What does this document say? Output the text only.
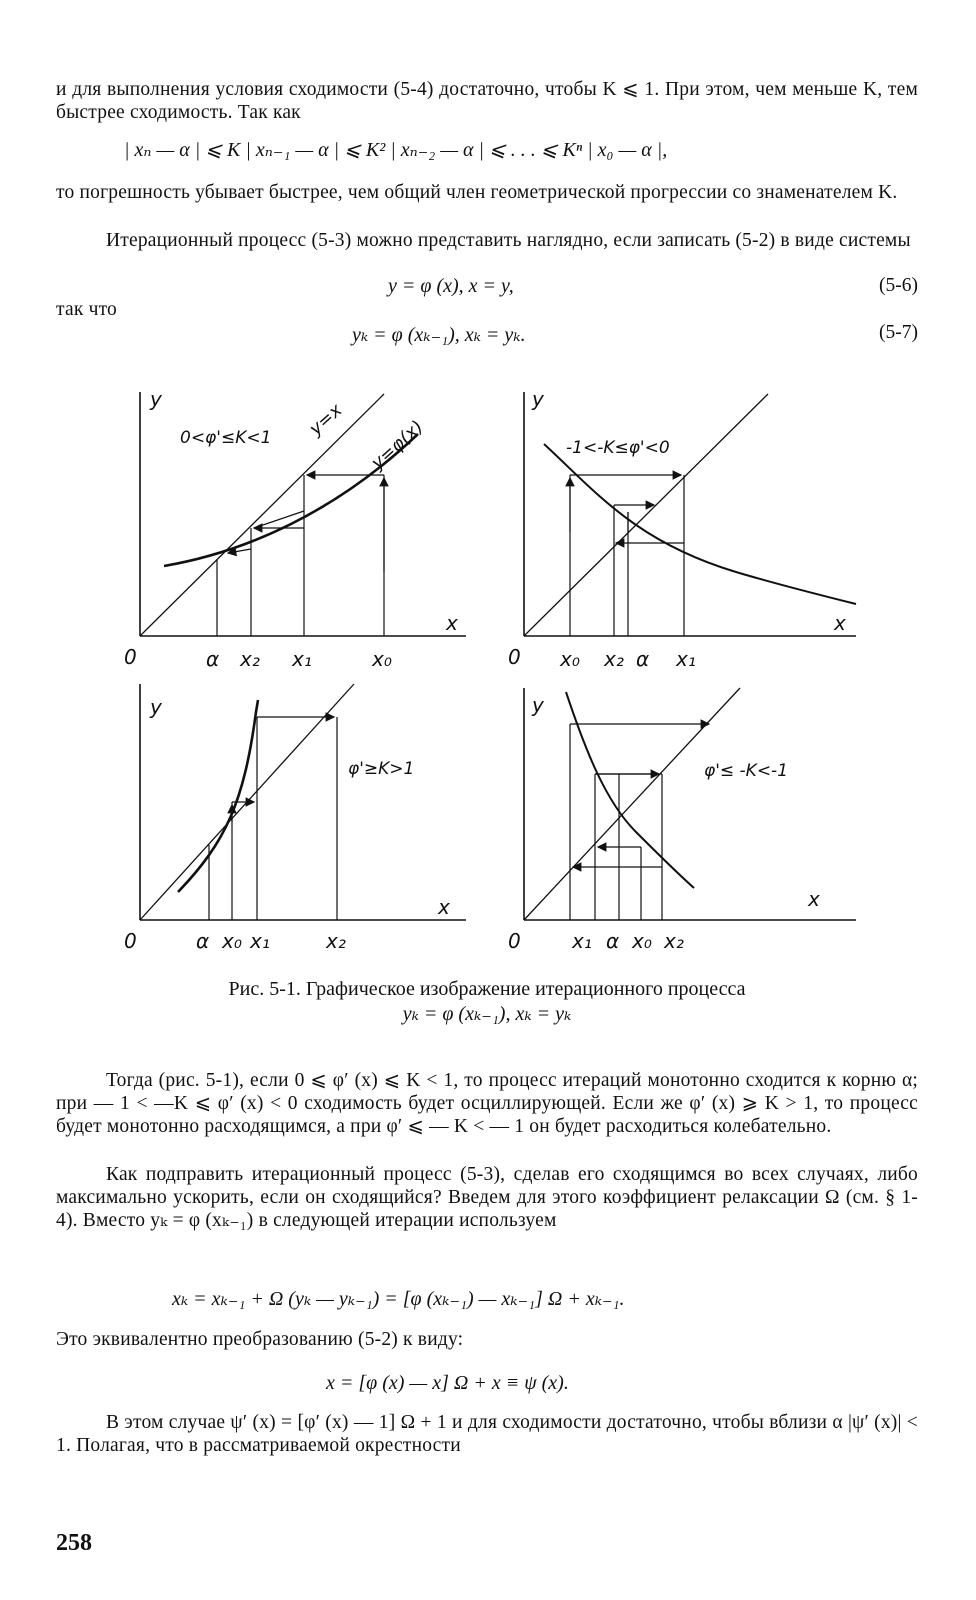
и для выполнения условия сходимости (5-4) достаточно, чтобы K ⩽ 1. При этом, чем меньше K, тем быстрее сходимость. Так как
| xₙ — α | ⩽ K | xₙ₋₁ — α | ⩽ K² | xₙ₋₂ — α | ⩽ . . . ⩽ Kⁿ | x₀ — α |,
то погрешность убывает быстрее, чем общий член геометрической прогрессии со знаменателем K.
Итерационный процесс (5-3) можно представить наглядно, если записать (5-2) в виде системы
y = φ (x), x = y,	(5-6)
так что
yₖ = φ (xₖ₋₁), xₖ = yₖ.	(5-7)
y
x
0
0<φ'≤K<1 y=x y=φ(x)
α x₂ x₁	x₀
y
x
0
-1<-K≤φ'<0
x₀ x₂ α x₁
y
x
0
φ'≥K>1
α x₀ x₁	x₂
y
x
0
φ'≤ -K<-1
x₁ α x₀ x₂
Рис. 5-1. Графическое изображение итерационного процесса
yₖ = φ (xₖ₋₁), xₖ = yₖ
Тогда (рис. 5-1), если 0 ⩽ φ′ (x) ⩽ K < 1, то процесс итераций монотонно сходится к корню α; при — 1 < —K ⩽ φ′ (x) < 0 сходимость будет осциллирующей. Если же φ′ (x) ⩾ K > 1, то процесс будет монотонно расходящимся, а при φ′ ⩽ — K < — 1 он будет расходиться колебательно.
Как подправить итерационный процесс (5-3), сделав его сходящимся во всех случаях, либо максимально ускорить, если он сходящийся? Введем для этого коэффициент релаксации Ω (см. § 1-4). Вместо yₖ = φ (xₖ₋₁) в следующей итерации используем
xₖ = xₖ₋₁ + Ω (yₖ — yₖ₋₁) = [φ (xₖ₋₁) — xₖ₋₁] Ω + xₖ₋₁.
Это эквивалентно преобразованию (5-2) к виду:
x = [φ (x) — x] Ω + x ≡ ψ (x).
В этом случае ψ′ (x) = [φ′ (x) — 1] Ω + 1 и для сходимости достаточно, чтобы вблизи α |ψ′ (x)| < 1. Полагая, что в рассматриваемой окрестности
258
